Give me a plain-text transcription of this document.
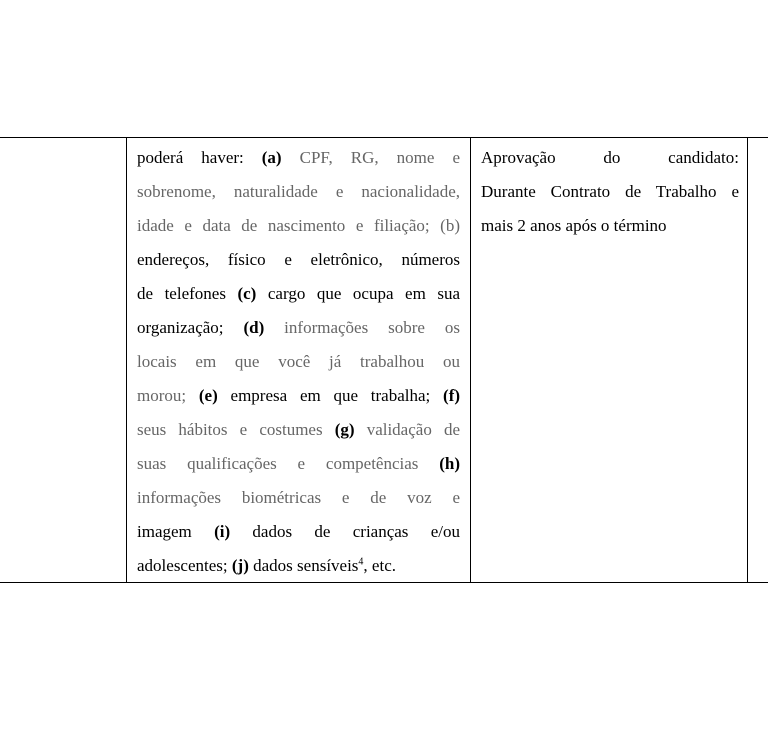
poderá haver: (a) CPF, RG, nome e
sobrenome, naturalidade e nacionalidade,
idade e data de nascimento e filiação; (b)
endereços, físico e eletrônico, números
de telefones (c) cargo que ocupa em sua
organização; (d) informações sobre os
locais em que você já trabalhou ou
morou; (e) empresa em que trabalha; (f)
seus hábitos e costumes (g) validação de
suas qualificações e competências (h)
informações biométricas e de voz e
imagem (i) dados de crianças e/ou
adolescentes; (j) dados sensíveis$^4$, etc.
Aprovação do candidato:
Durante Contrato de Trabalho e
mais 2 anos após o término
